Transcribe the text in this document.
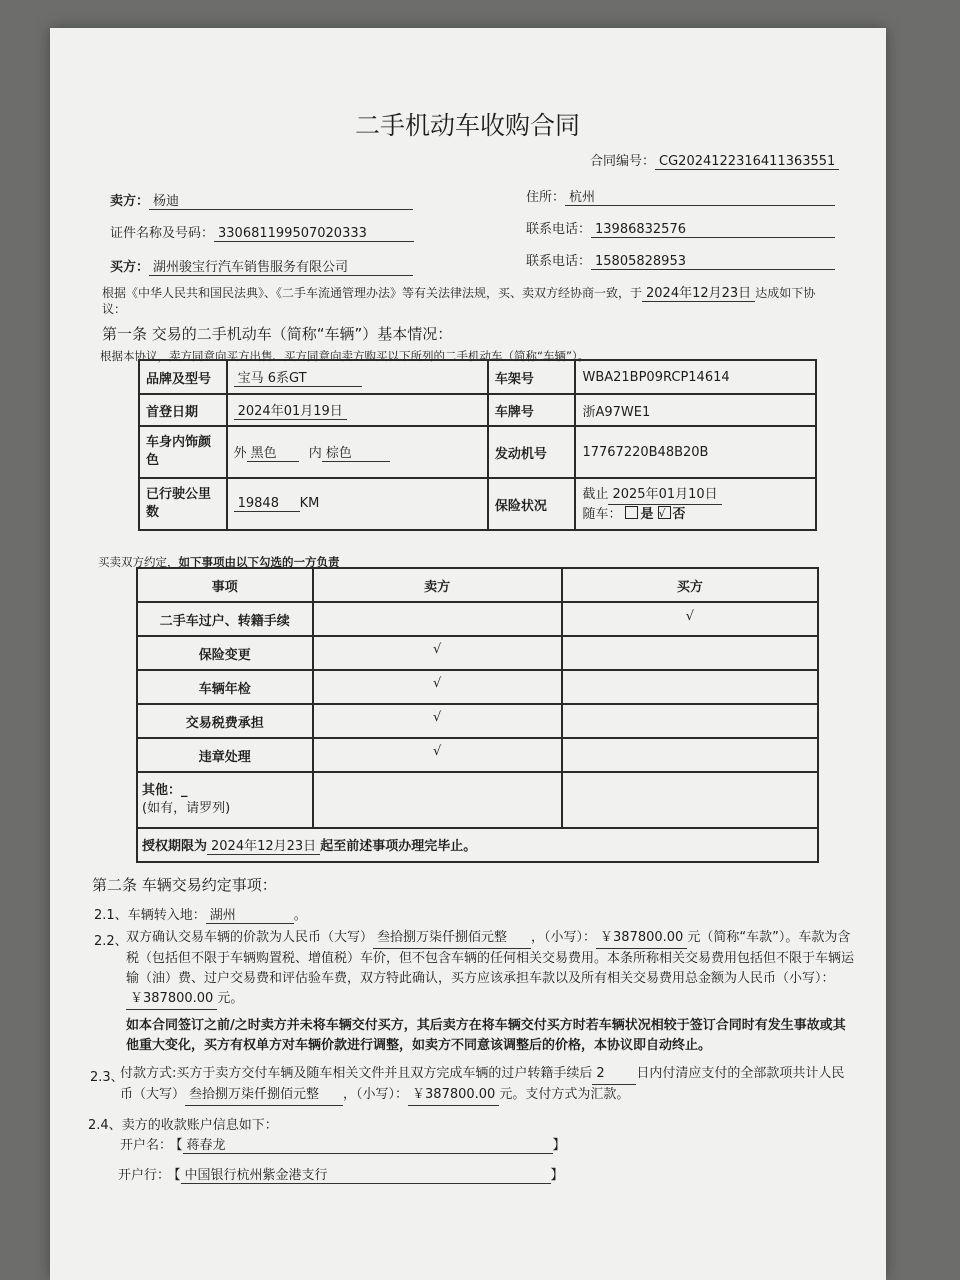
二手机动车收购合同
合同编号： CG2024122316411363551
卖方： 杨迪	住所： 杭州
证件名称及号码： 330681199507020333	联系电话： 13986832576
买方： 湖州骏宝行汽车销售服务有限公司	联系电话： 15805828953
根据《中华人民共和国民法典》、《二手车流通管理办法》等有关法律法规，买、卖双方经协商一致，于 2024年12月23日 达成如下协
议：
第一条 交易的二手机动车（简称“车辆”）基本情况：
根据本协议，卖方同意向买方出售、买方同意向卖方购买以下所列的二手机动车（简称“车辆”）。
品牌及型号	宝马 6系GT	车架号	WBA21BP09RCP14614
首登日期	2024年01月19日	车牌号	浙A97WE1
车身内饰颜色	外 黑色 内 棕色	发动机号	17767220B48B20B
已行驶公里数	19848 KM	保险状况	截止 2025年01月10日
随车： 是 √ 否
买卖双方约定，如下事项由以下勾选的一方负责
事项	卖方	买方
二手车过户、转籍手续		√
保险变更	√	
车辆年检	√	
交易税费承担	√	
违章处理	√	

其他：_
(如有，请罗列)		

授权期限为 2024年12月23日 起至前述事项办理完毕止。		
第二条 车辆交易约定事项：
2.1、车辆转入地： 湖州	。
2.2、
双方确认交易车辆的价款为人民币（大写） 叁拾捌万柒仟捌佰元整 ，（小写）： ￥387800.00 元（简称“车款”）。车款为含税（包括但不限于车辆购置税、增值税）车价，但不包含车辆的任何相关交易费用。本条所称相关交易费用包括但不限于车辆运输（油）费、过户交易费和评估验车费，双方特此确认，买方应该承担车款以及所有相关交易费用总金额为人民币（小写）：￥387800.00 元。
如本合同签订之前/之时卖方并未将车辆交付买方，其后卖方在将车辆交付买方时若车辆状况相较于签订合同时有发生事故或其他重大变化，买方有权单方对车辆价款进行调整，如卖方不同意该调整后的价格，本协议即自动终止。
2.3、
付款方式:买方于卖方交付车辆及随车相关文件并且双方完成车辆的过户转籍手续后 2 日内付清应支付的全部款项共计人民币（大写） 叁拾捌万柒仟捌佰元整 ，（小写）： ￥387800.00 元。支付方式为汇款。
2.4、卖方的收款账户信息如下：
开户名： 【 蒋春龙	】
开户行： 【 中国银行杭州紫金港支行	】
